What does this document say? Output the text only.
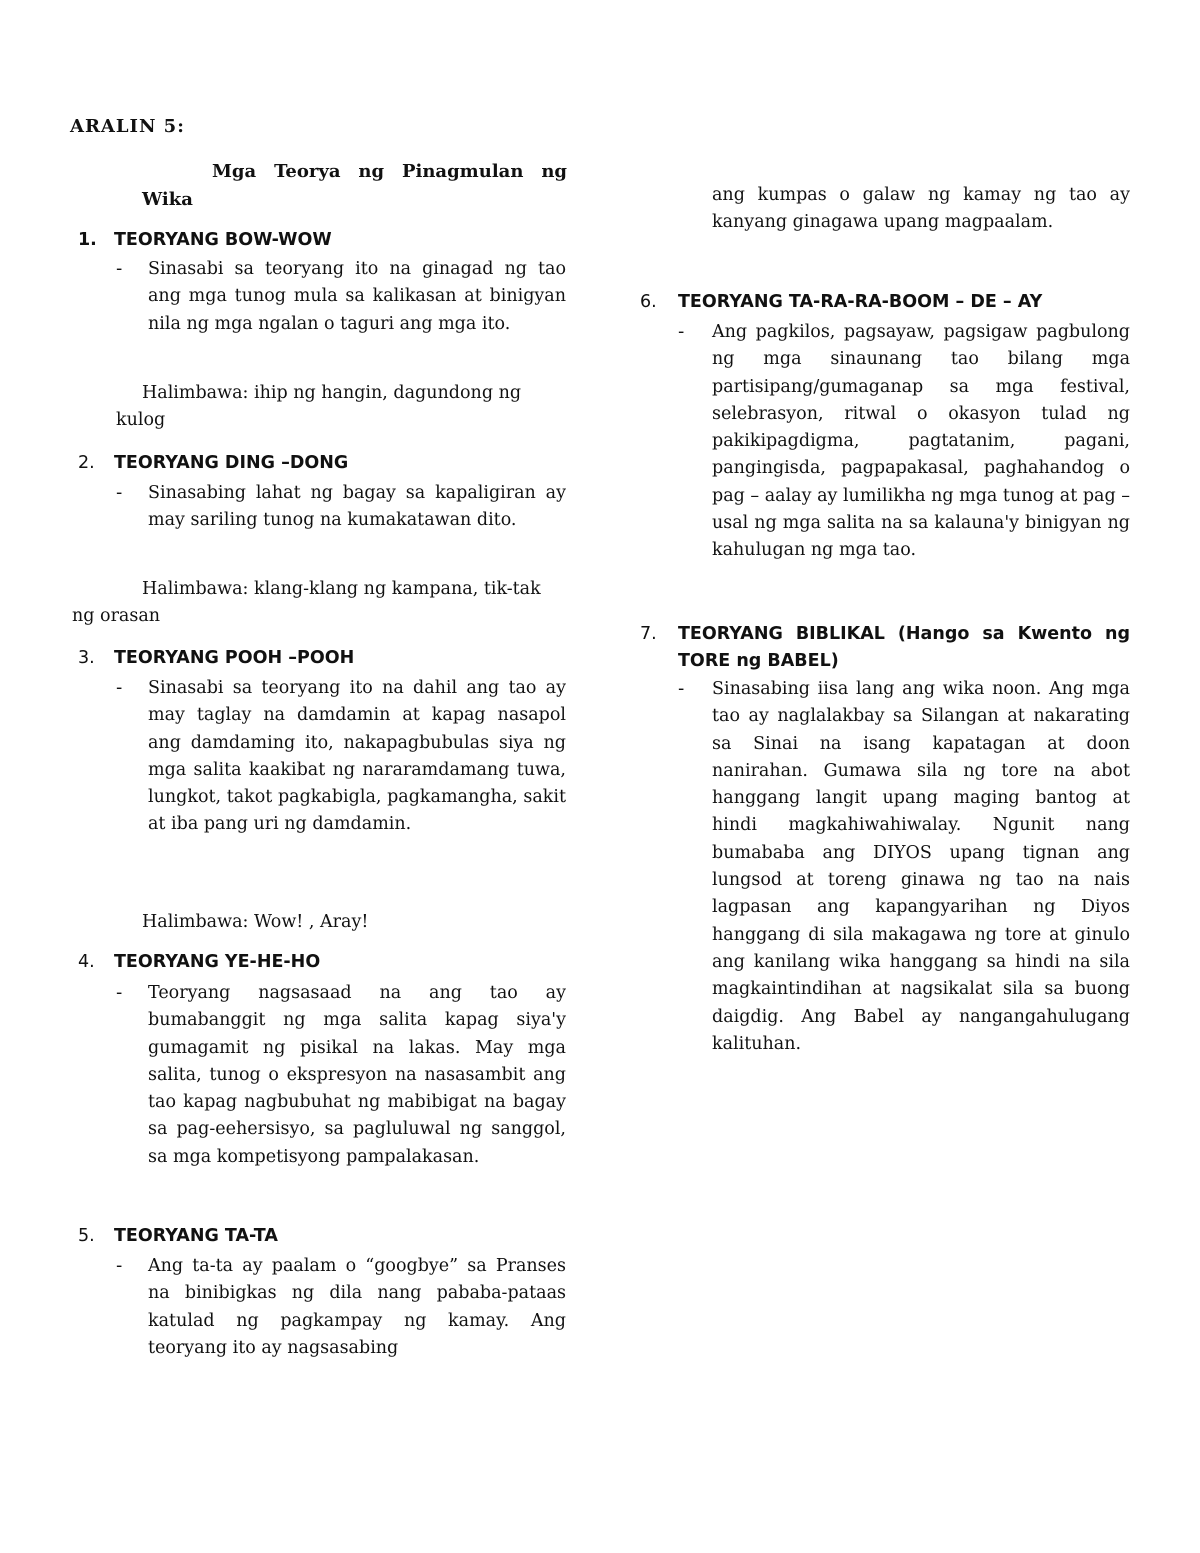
ARALIN 5:
Mga Teorya ng Pinagmulan ng Wika
1. TEORYANG BOW-WOW
- Sinasabi sa teoryang ito na ginagad ng tao ang mga tunog mula sa kalikasan at binigyan nila ng mga ngalan o taguri ang mga ito.
Halimbawa: ihip ng hangin, dagundong ng kulog
2. TEORYANG DING –DONG
- Sinasabing lahat ng bagay sa kapaligiran ay may sariling tunog na kumakatawan dito.
Halimbawa: klang-klang ng kampana, tik-tak ng orasan
3. TEORYANG POOH –POOH
- Sinasabi sa teoryang ito na dahil ang tao ay may taglay na damdamin at kapag nasapol ang damdaming ito, nakapagbubulas siya ng mga salita kaakibat ng nararamdamang tuwa, lungkot, takot pagkabigla, pagkamangha, sakit at iba pang uri ng damdamin.
Halimbawa: Wow! , Aray!
4. TEORYANG YE-HE-HO
- Teoryang nagsasaad na ang tao ay bumabanggit ng mga salita kapag siya'y gumagamit ng pisikal na lakas. May mga salita, tunog o ekspresyon na nasasambit ang tao kapag nagbubuhat ng mabibigat na bagay sa pag-eehersisyo, sa pagluluwal ng sanggol, sa mga kompetisyong pampalakasan.
5. TEORYANG TA-TA
- Ang ta-ta ay paalam o “googbye” sa Pranses na binibigkas ng dila nang pababa-pataas katulad ng pagkampay ng kamay. Ang teoryang ito ay nagsasabing
ang kumpas o galaw ng kamay ng tao ay kanyang ginagawa upang magpaalam.
6. TEORYANG TA-RA-RA-BOOM – DE – AY
- Ang pagkilos, pagsayaw, pagsigaw pagbulong ng mga sinaunang tao bilang mga partisipang/gumaganap sa mga festival, selebrasyon, ritwal o okasyon tulad ng pakikipagdigma, pagtatanim, pagani, pangingisda, pagpapakasal, paghahandog o pag – aalay ay lumilikha ng mga tunog at pag – usal ng mga salita na sa kalauna'y binigyan ng kahulugan ng mga tao.
7.	TEORYANG BIBLIKAL (Hango sa Kwento ng TORE ng BABEL)
- Sinasabing iisa lang ang wika noon. Ang mga tao ay naglalakbay sa Silangan at nakarating sa Sinai na isang kapatagan at doon nanirahan. Gumawa sila ng tore na abot hanggang langit upang maging bantog at hindi magkahiwahiwalay. Ngunit nang bumababa ang DIYOS upang tignan ang lungsod at toreng ginawa ng tao na nais lagpasan ang kapangyarihan ng Diyos hanggang di sila makagawa ng tore at ginulo ang kanilang wika hanggang sa hindi na sila magkaintindihan at nagsikalat sila sa buong daigdig. Ang Babel ay nangangahulugang kalituhan.
